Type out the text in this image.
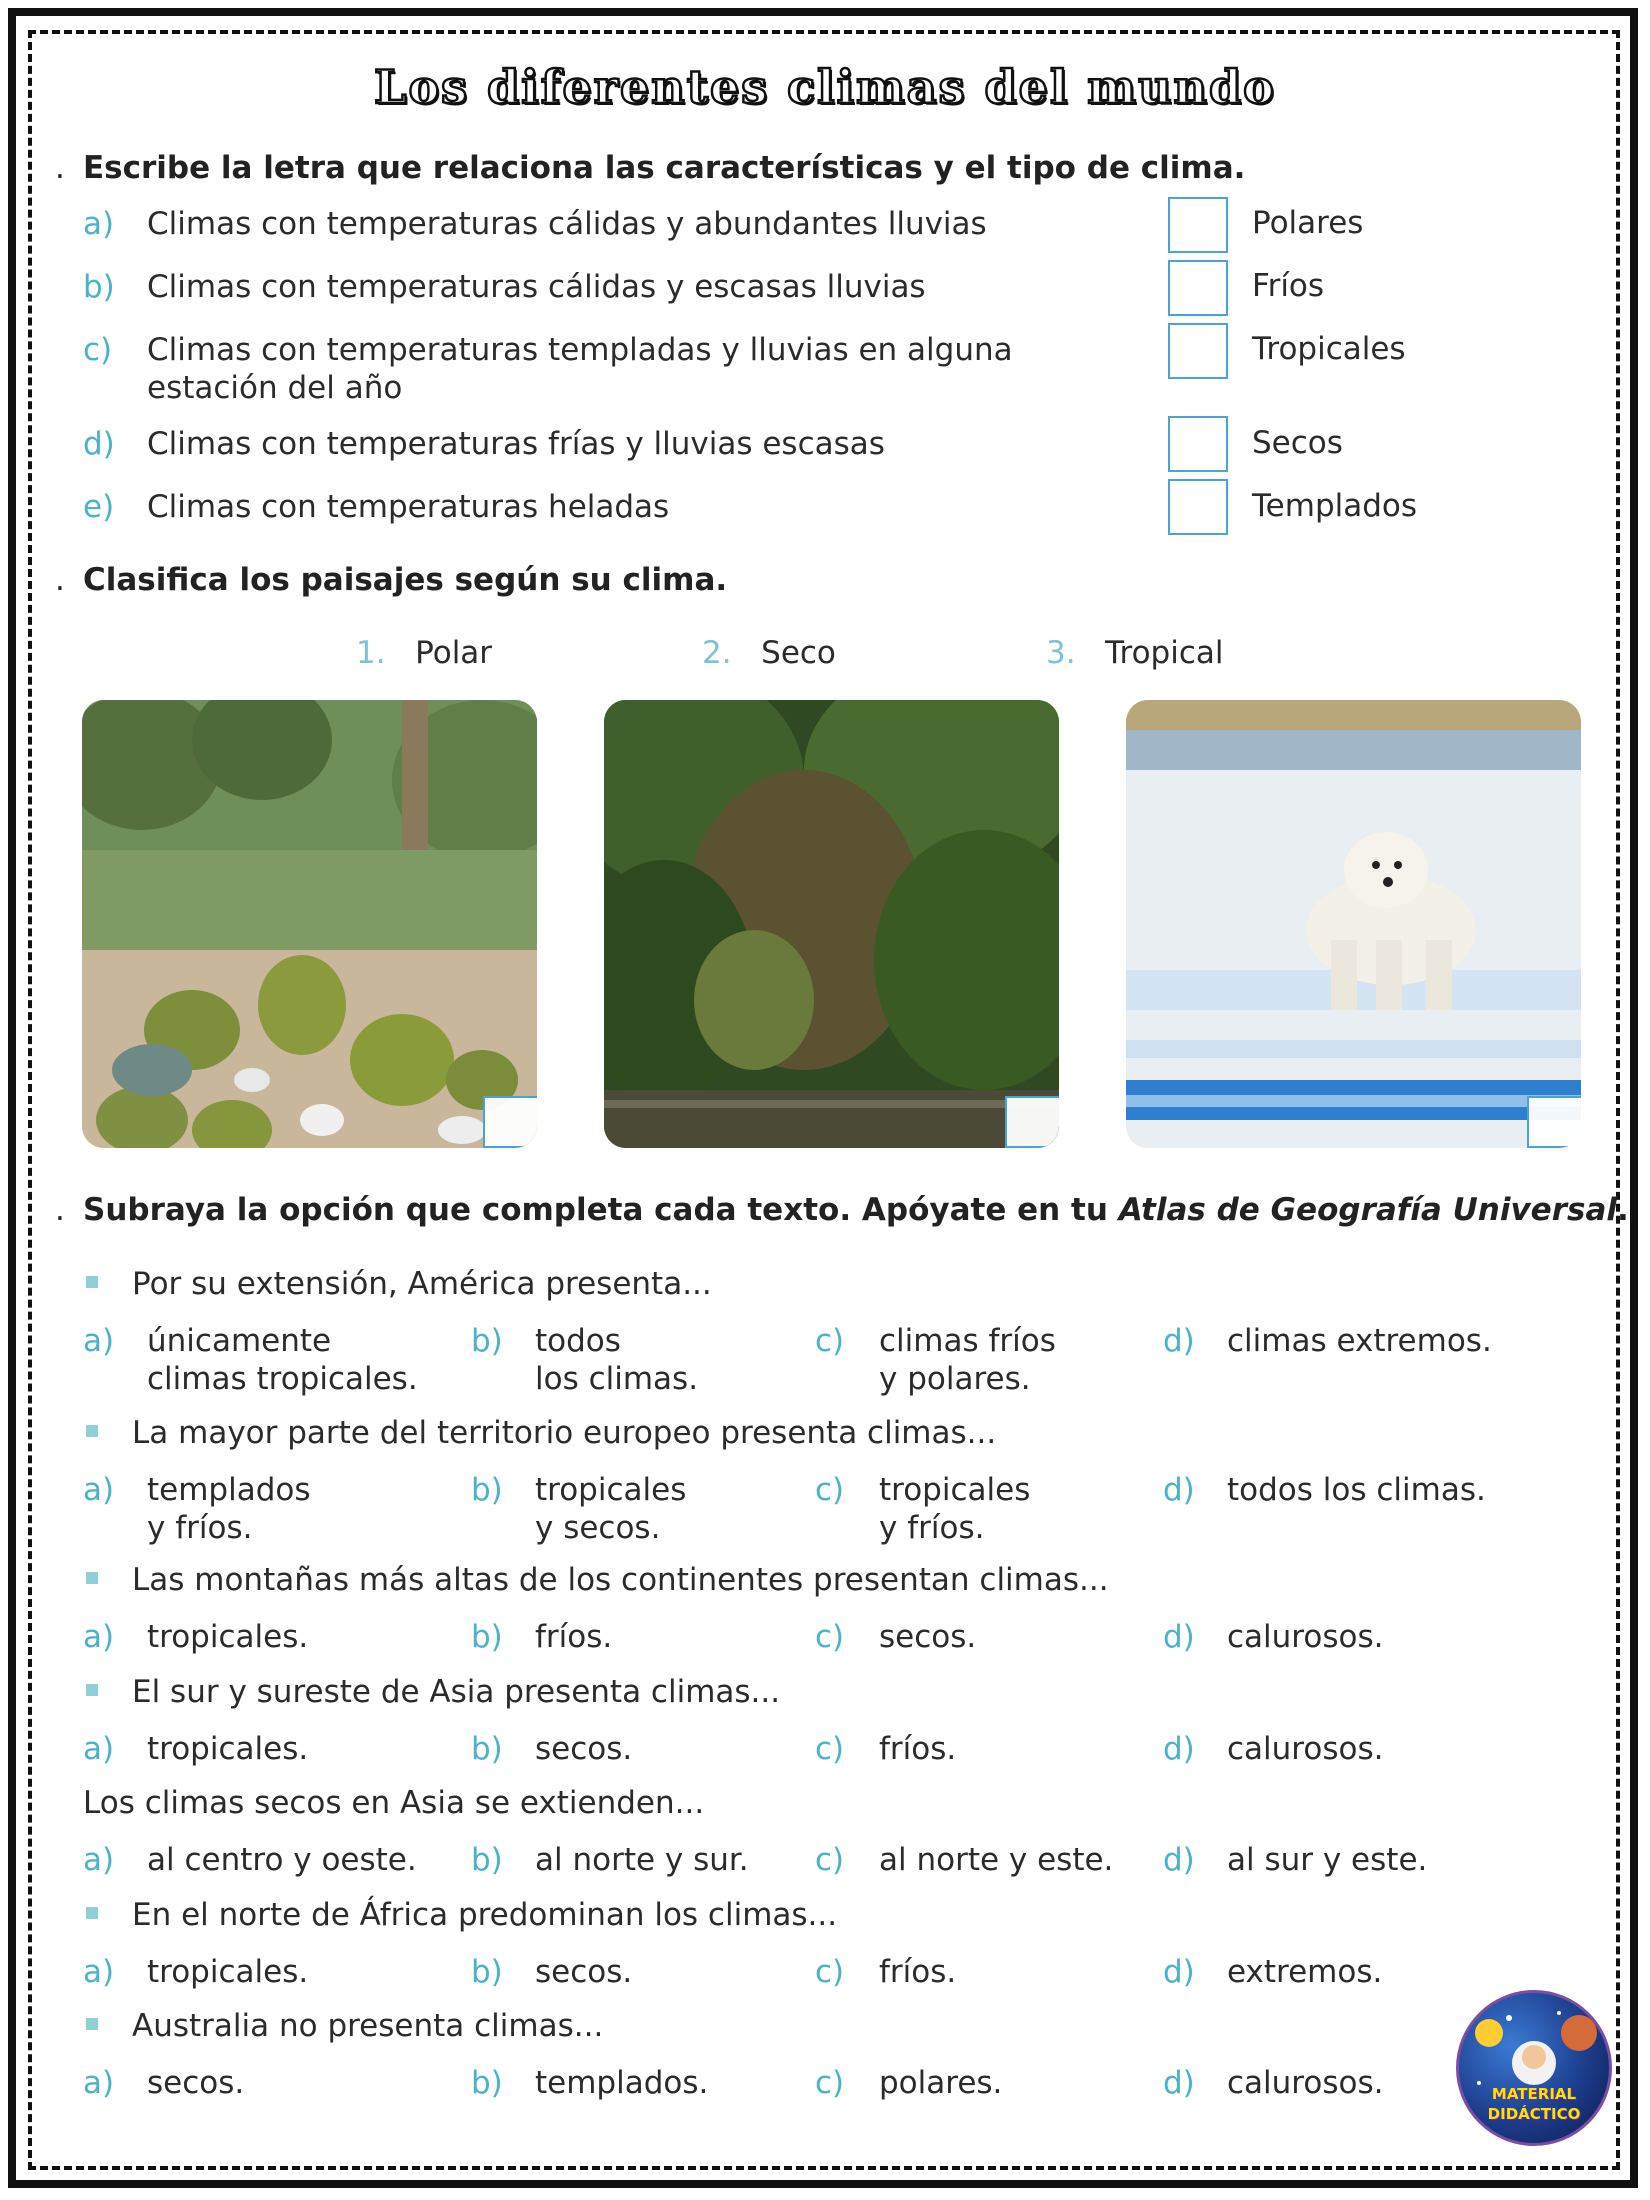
Los diferentes climas del mundo
. Escribe la letra que relaciona las características y el tipo de clima.
a) Climas con temperaturas cálidas y abundantes lluvias	Polares
b) Climas con temperaturas cálidas y escasas lluvias	Fríos
c) Climas con temperaturas templadas y lluvias en alguna
estación del año
Tropicales
d) Climas con temperaturas frías y lluvias escasas	Secos
e) Climas con temperaturas heladas	Templados
. Clasifica los paisajes según su clima.
1. Polar	2. Seco	3. Tropical
. Subraya la opción que completa cada texto. Apóyate en tu Atlas de Geografía Universal.
Por su extensión, América presenta...
a) únicamente
climas tropicales.
b) todos
los climas.
c) climas fríos
y polares.
d) climas extremos.
La mayor parte del territorio europeo presenta climas...
a) templados
y fríos.
b) tropicales
y secos.
c) tropicales
y fríos.
d) todos los climas.
Las montañas más altas de los continentes presentan climas...
a) tropicales.	b) fríos.	c) secos.	d) calurosos.
El sur y sureste de Asia presenta climas...
a) tropicales.	b) secos.	c) fríos.	d) calurosos.
Los climas secos en Asia se extienden...
a) al centro y oeste. b) al norte y sur. c) al norte y este. d) al sur y este.
En el norte de África predominan los climas...
a) tropicales.	b) secos.	c) fríos.	d) extremos.
Australia no presenta climas...
a) secos.	b) templados.	c) polares.	d) calurosos.	MATERIAL
DIDÁCTICO
